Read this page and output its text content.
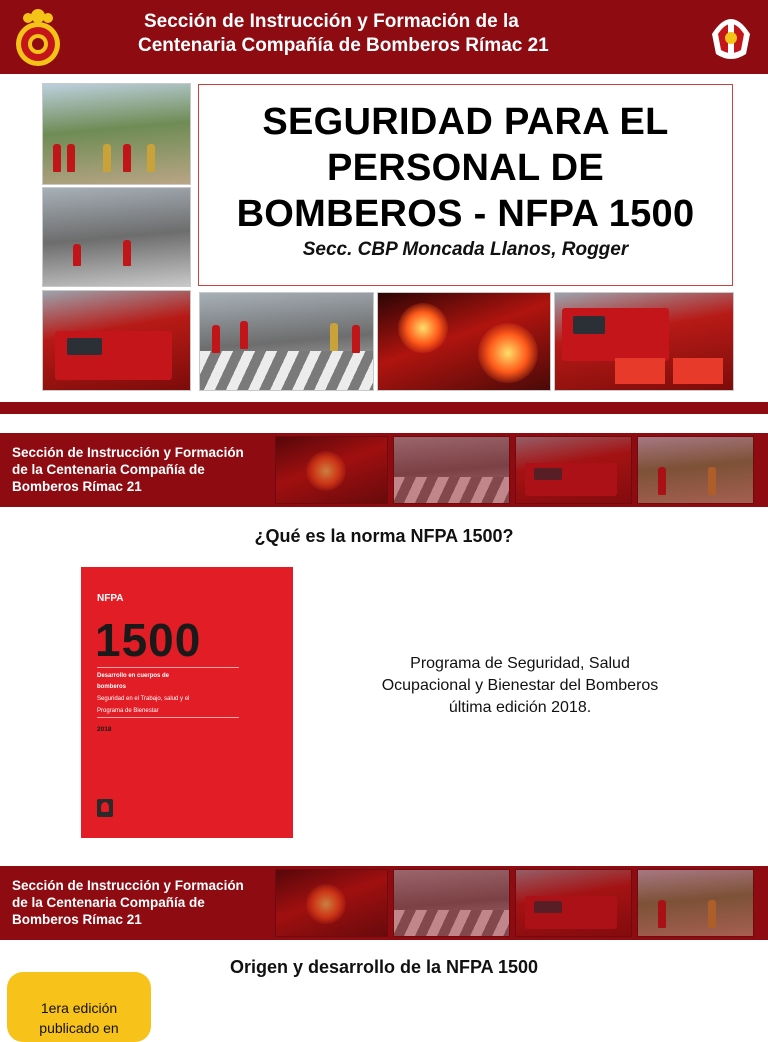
Sección de Instrucción y Formación de la
Centenaria Compañía de Bomberos Rímac 21
SEGURIDAD PARA EL
PERSONAL DE
BOMBEROS - NFPA 1500
Secc. CBP Moncada Llanos, Rogger
Sección de Instrucción y Formación
de la Centenaria Compañía de
Bomberos Rímac 21
¿Qué es la norma NFPA 1500?
NFPA
1500
Desarrollo en cuerpos de
bomberos
Seguridad en el Trabajo, salud y el
Programa de Bienestar
2018
Programa de Seguridad, Salud
Ocupacional y Bienestar del Bomberos
última edición 2018.
Sección de Instrucción y Formación
de la Centenaria Compañía de
Bomberos Rímac 21
Origen y desarrollo de la NFPA 1500
1era edición
publicado en
